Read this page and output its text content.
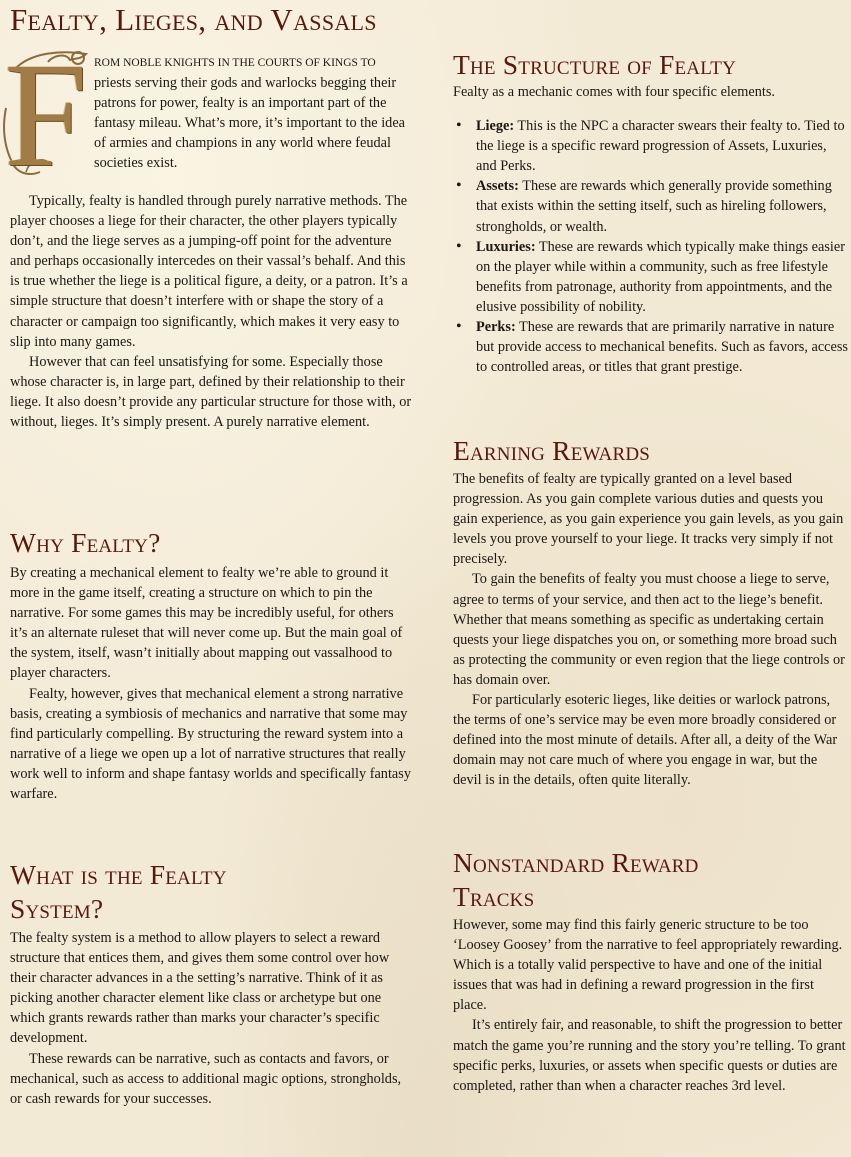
Fealty, Lieges, and Vassals
F ROM NOBLE KNIGHTS IN THE COURTS OF KINGS TO priests serving their gods and warlocks begging their patrons for power, fealty is an important part of the fantasy mileau. What’s more, it’s important to the idea of armies and champions in any world where feudal societies exist.

Typically, fealty is handled through purely narrative methods. The player chooses a liege for their character, the other players typically don’t, and the liege serves as a jumping-off point for the adventure and perhaps occasionally intercedes on their vassal’s behalf. And this is true whether the liege is a political figure, a deity, or a patron. It’s a simple structure that doesn’t interfere with or shape the story of a character or campaign too significantly, which makes it very easy to slip into many games.

However that can feel unsatisfying for some. Especially those whose character is, in large part, defined by their relationship to their liege. It also doesn’t provide any particular structure for those with, or without, lieges. It’s simply present. A purely narrative element.

Why Fealty?

By creating a mechanical element to fealty we’re able to ground it more in the game itself, creating a structure on which to pin the narrative. For some games this may be incredibly useful, for others it’s an alternate ruleset that will never come up. But the main goal of the system, itself, wasn’t initially about mapping out vassalhood to player characters.

Fealty, however, gives that mechanical element a strong narrative basis, creating a symbiosis of mechanics and narrative that some may find particularly compelling. By structuring the reward system into a narrative of a liege we open up a lot of narrative structures that really work well to inform and shape fantasy worlds and specifically fantasy warfare.

What is the Fealty
System?

The fealty system is a method to allow players to select a reward structure that entices them, and gives them some control over how their character advances in a the setting’s narrative. Think of it as picking another character element like class or archetype but one which grants rewards rather than marks your character’s specific development.

These rewards can be narrative, such as contacts and favors, or mechanical, such as access to additional magic options, strongholds, or cash rewards for your successes.

The Structure of Fealty

Fealty as a mechanic comes with four specific elements.

• Liege: This is the NPC a character swears their fealty to. Tied to the liege is a specific reward progression of Assets, Luxuries, and Perks.
• Assets: These are rewards which generally provide something that exists within the setting itself, such as hireling followers, strongholds, or wealth.
• Luxuries: These are rewards which typically make things easier on the player while within a community, such as free lifestyle benefits from patronage, authority from appointments, and the elusive possibility of nobility.
• Perks: These are rewards that are primarily narrative in nature but provide access to mechanical benefits. Such as favors, access to controlled areas, or titles that grant prestige.
Earning Rewards

The benefits of fealty are typically granted on a level based progression. As you gain complete various duties and quests you gain experience, as you gain experience you gain levels, as you gain levels you prove yourself to your liege. It tracks very simply if not precisely.

To gain the benefits of fealty you must choose a liege to serve, agree to terms of your service, and then act to the liege’s benefit. Whether that means something as specific as undertaking certain quests your liege dispatches you on, or something more broad such as protecting the community or even region that the liege controls or has domain over.

For particularly esoteric lieges, like deities or warlock patrons, the terms of one’s service may be even more broadly considered or defined into the most minute of details. After all, a deity of the War domain may not care much of where you engage in war, but the devil is in the details, often quite literally.

Nonstandard Reward
Tracks

However, some may find this fairly generic structure to be too ‘Loosey Goosey’ from the narrative to feel appropriately rewarding. Which is a totally valid perspective to have and one of the initial issues that was had in defining a reward progression in the first place.

It’s entirely fair, and reasonable, to shift the progression to better match the game you’re running and the story you’re telling. To grant specific perks, luxuries, or assets when specific quests or duties are completed, rather than when a character reaches 3rd level.
